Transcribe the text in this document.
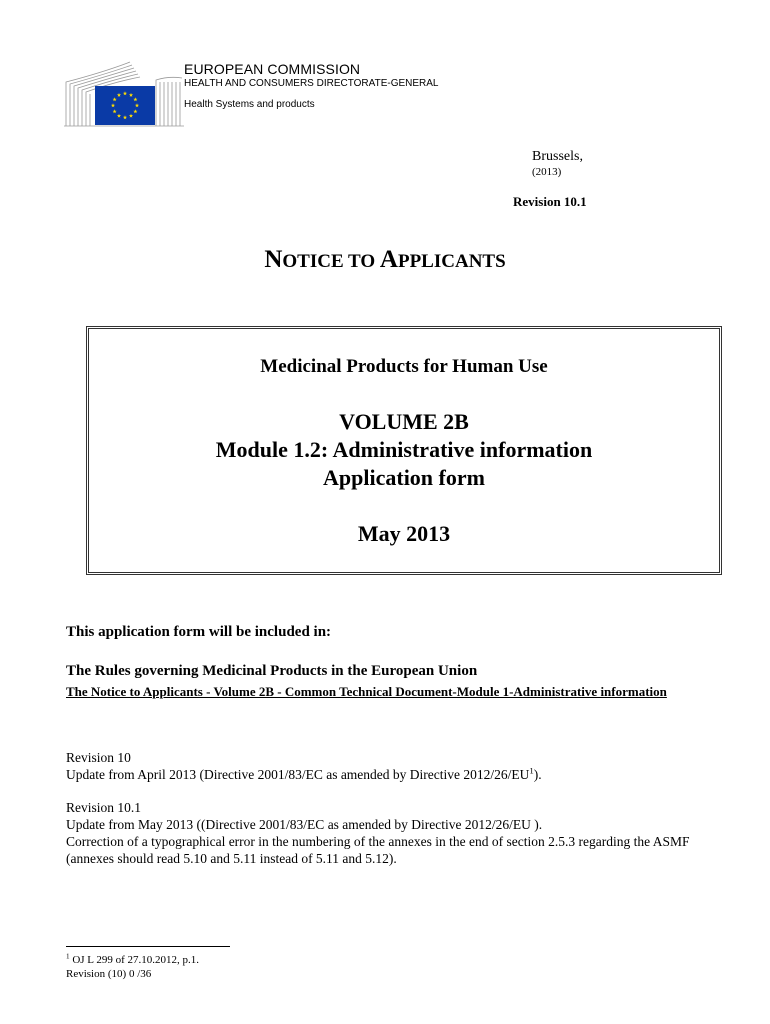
EUROPEAN COMMISSION
HEALTH AND CONSUMERS DIRECTORATE-GENERAL
Health Systems and products
Brussels,
(2013)
Revision 10.1
NOTICE TO APPLICANTS
Medicinal Products for Human Use
VOLUME 2B
Module 1.2: Administrative information
Application form
May 2013
This application form will be included in:
The Rules governing Medicinal Products in the European Union
The Notice to Applicants - Volume 2B - Common Technical Document-Module 1-Administrative information
Revision 10
Update from April 2013 (Directive 2001/83/EC as amended by Directive $2012/26/EU^1$).
Revision 10.1
Update from May 2013 ((Directive 2001/83/EC as amended by Directive 2012/26/EU ).
Correction of a typographical error in the numbering of the annexes in the end of section 2.5.3 regarding the ASMF (annexes should read 5.10 and 5.11 instead of 5.11 and 5.12).
$^1$ OJ L 299 of 27.10.2012, p.1.
Revision (10) 0 /36
